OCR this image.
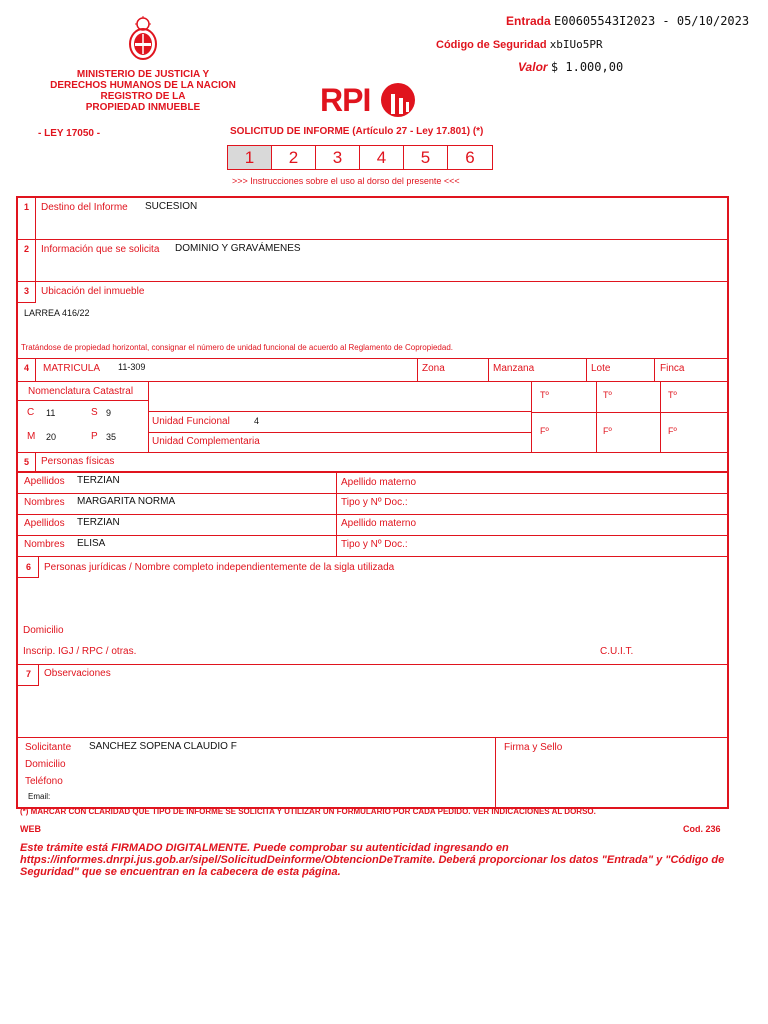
MINISTERIO DE JUSTICIA Y
DERECHOS HUMANOS DE LA NACION
REGISTRO DE LA
PROPIEDAD INMUEBLE	RPI
Entrada E00605543I2023 - 05/10/2023
Código de Seguridad xbIUo5PR
Valor $ 1.000,00
- LEY 17050 -	SOLICITUD DE INFORME (Artículo 27 - Ley 17.801) (*)
1	2	3	4	5	6
>>> Instrucciones sobre el uso al dorso del presente <<<
1 Destino del Informe SUCESION
2 Información que se solicita DOMINIO Y GRAVÁMENES
3 Ubicación del inmueble
LARREA 416/22
Tratándose de propiedad horizontal, consignar el número de unidad funcional de acuerdo al Reglamento de Copropiedad.
4 MATRICULA 11-309	Zona	Manzana	Lote	Finca
Nomenclatura Catastral
C 11	S 9
M 20	P 35
Unidad Funcional	4
Unidad Complementaria
Tº	Tº	Tº
Fº	Fº	Fº
5 Personas físicas
Apellidos TERZIAN	Apellido materno
Nombres MARGARITA NORMA	Tipo y Nº Doc.:
Apellidos TERZIAN	Apellido materno
Nombres ELISA	Tipo y Nº Doc.:
6 Personas jurídicas / Nombre completo independientemente de la sigla utilizada
Domicilio
Inscrip. IGJ / RPC / otras.	C.U.I.T.
7 Observaciones
Solicitante SANCHEZ SOPENA CLAUDIO F	Firma y Sello
Domicilio
Teléfono
Email:
(*) MARCAR CON CLARIDAD QUE TIPO DE INFORME SE SOLICITA Y UTILIZAR UN FORMULARIO POR CADA PEDIDO. VER INDICACIONES AL DORSO.
WEB	Cod. 236
Este trámite está FIRMADO DIGITALMENTE. Puede comprobar su autenticidad ingresando en https://informes.dnrpi.jus.gob.ar/sipel/SolicitudDeinforme/ObtencionDeTramite. Deberá proporcionar los datos "Entrada" y "Código de Seguridad" que se encuentran en la cabecera de esta página.
